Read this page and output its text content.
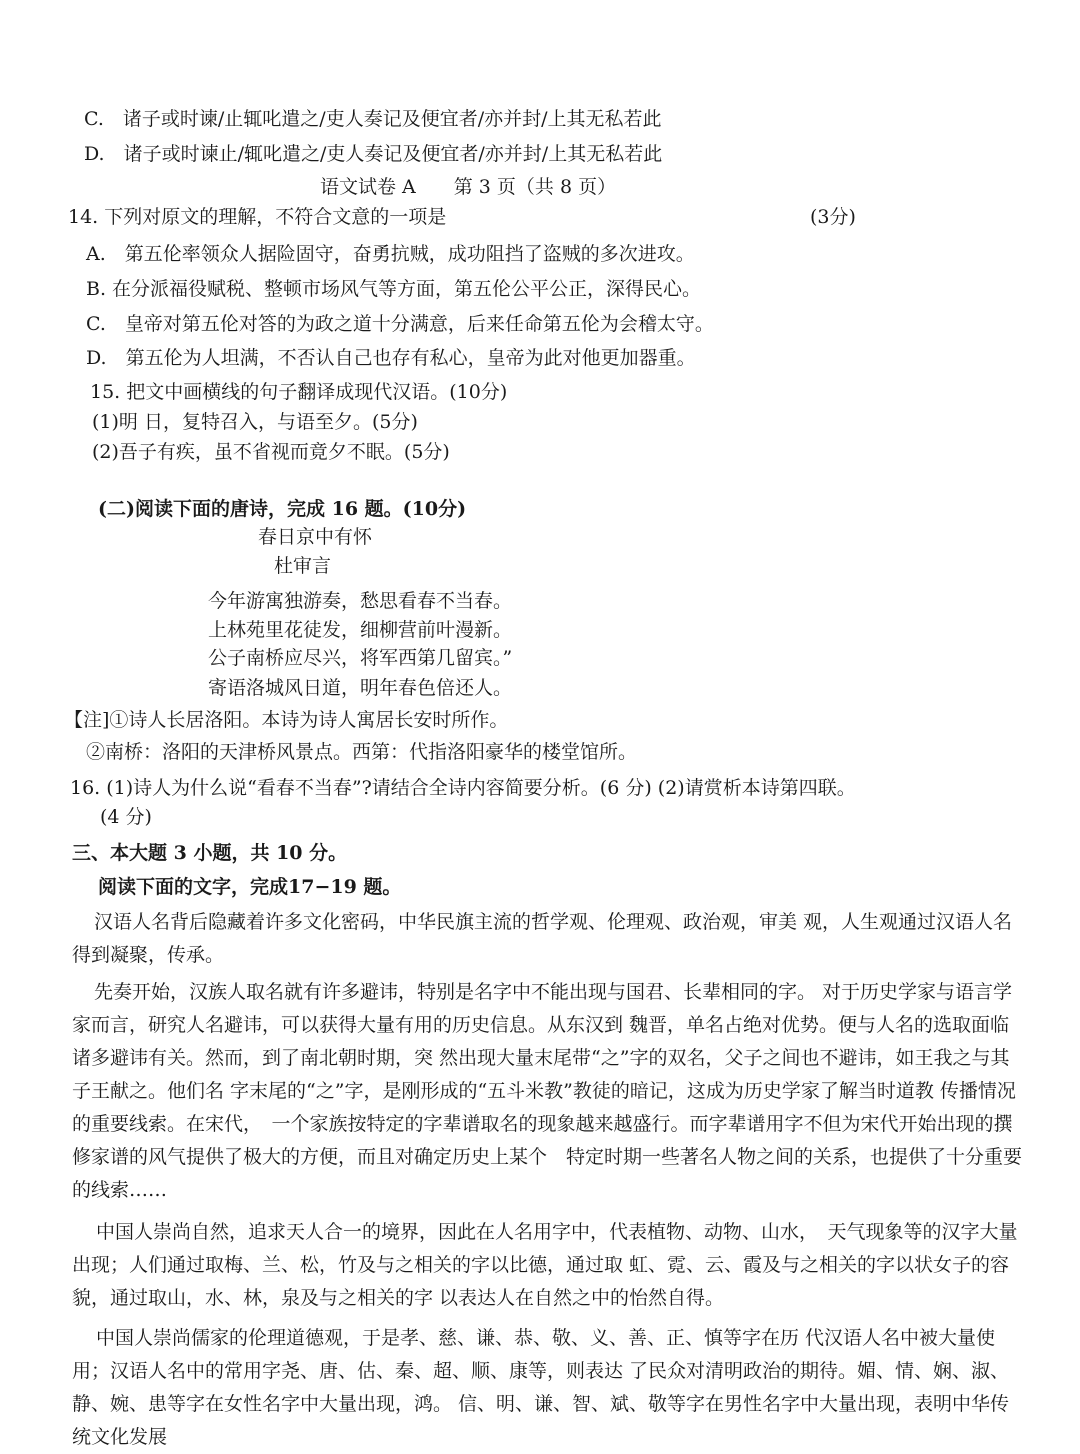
C.　诸子或时谏/止辄叱遣之/吏人奏记及便宜者/亦并封/上其无私若此
D.　诸子或时谏止/辄叱遣之/吏人奏记及便宜者/亦并封/上其无私若此
语文试卷 A　　第 3 页（共 8 页）
14. 下列对原文的理解，不符合文意的一项是	(3分)
A.　第五伦率领众人据险固守，奋勇抗贼，成功阻挡了盗贼的多次进攻。
B. 在分派福役赋税、整顿市场风气等方面，第五伦公平公正，深得民心。
C.　皇帝对第五伦对答的为政之道十分满意，后来任命第五伦为会稽太守。
D.　第五伦为人坦满，不否认自己也存有私心，皇帝为此对他更加器重。
15. 把文中画横线的句子翻译成现代汉语。(10分)
(1)明 日，复特召入，与语至夕。(5分)
(2)吾子有疾，虽不省视而竟夕不眠。(5分)
(二)阅读下面的唐诗，完成 16 题。(10分)
春日京中有怀
杜审言
今年游寓独游奏，愁思看春不当春。
上林苑里花徒发，细柳营前叶漫新。
公子南桥应尽兴，将军西第几留宾。”
寄语洛城风日道，明年春色倍还人。
【注]①诗人长居洛阳。本诗为诗人寓居长安时所作。
②南桥：洛阳的天津桥风景点。西第：代指洛阳豪华的楼堂馆所。
16. (1)诗人为什么说“看春不当春”?请结合全诗内容简要分析。(6 分) (2)请赏析本诗第四联。
(4 分)
三、本大题 3 小题，共 10 分。
阅读下面的文字，完成17−19 题。

汉语人名背后隐藏着许多文化密码，中华民旗主流的哲学观、伦理观、政治观，审美 观，人生观通过汉语人名得到凝聚，传承。

先奏开始，汉族人取名就有许多避讳，特别是名字中不能出现与国君、长辈相同的字。 对于历史学家与语言学家而言，研究人名避讳，可以获得大量有用的历史信息。从东汉到 魏晋，单名占绝对优势。便与人名的选取面临诸多避讳有关。然而，到了南北朝时期，突 然出现大量末尾带“之”字的双名，父子之间也不避讳，如王我之与其子王献之。他们名 字末尾的“之”字，是刚形成的“五斗米教”教徒的暗记，这成为历史学家了解当时道教 传播情况的重要线索。在宋代，　一个家族按特定的字辈谱取名的现象越来越盛行。而字辈谱用字不但为宋代开始出现的撰修家谱的风气提供了极大的方便，而且对确定历史上某个　特定时期一些著名人物之间的关系，也提供了十分重要的线索……

中国人崇尚自然，追求天人合一的境界，因此在人名用字中，代表植物、动物、山水，　天气现象等的汉字大量出现；人们通过取梅、兰、松，竹及与之相关的字以比德，通过取 虹、霓、云、霞及与之相关的字以状女子的容貌，通过取山，水、林，泉及与之相关的字 以表达人在自然之中的怡然自得。

中国人崇尚儒家的伦理道德观，于是孝、慈、谦、恭、敬、义、善、正、慎等字在历 代汉语人名中被大量使用；汉语人名中的常用字尧、唐、估、秦、超、顺、康等，则表达 了民众对清明政治的期待。媚、情、娴、淑、静、婉、患等字在女性名字中大量出现，鸿。 信、明、谦、智、斌、敬等字在男性名字中大量出现，表明中华传统文化发展
